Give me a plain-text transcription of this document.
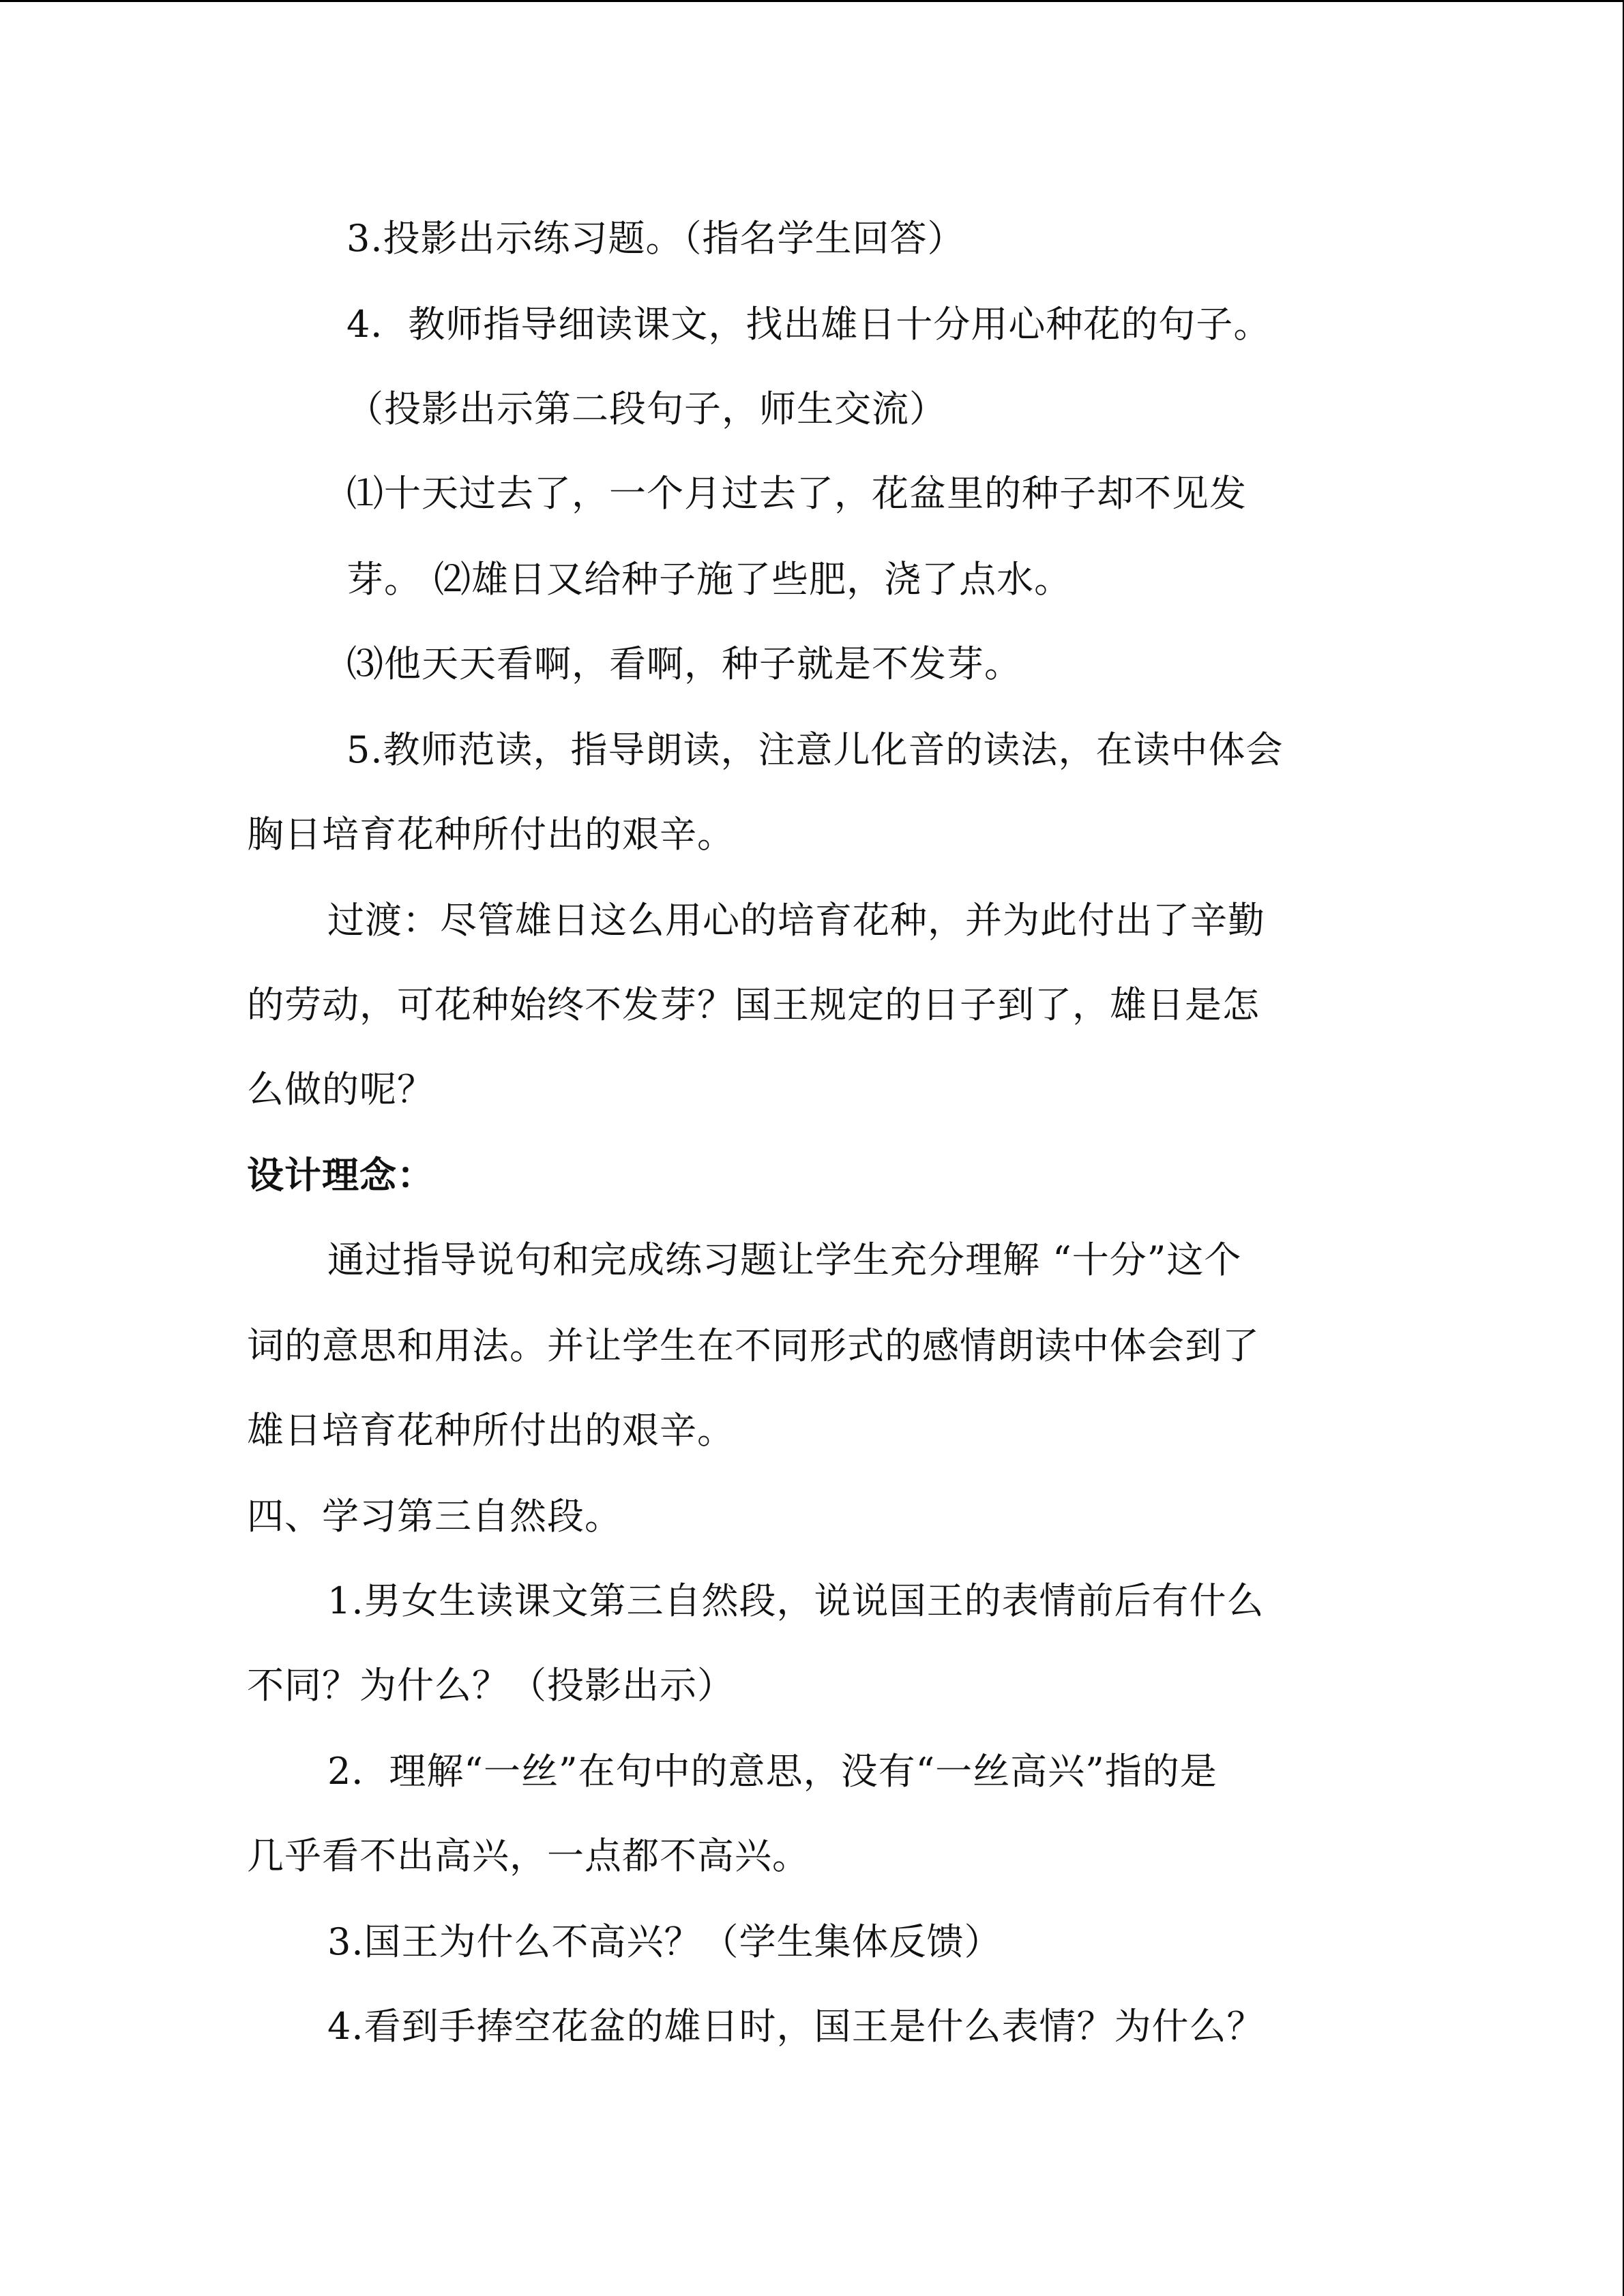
3.投影出示练习题。（指名学生回答）
4．教师指导细读课文，找出雄日十分用心种花的句子。
（投影出示第二段句子，师生交流）
⑴十天过去了，一个月过去了，花盆里的种子却不见发
芽。 ⑵雄日又给种子施了些肥，浇了点水。
⑶他天天看啊，看啊，种子就是不发芽。
5.教师范读，指导朗读，注意儿化音的读法，在读中体会
胸日培育花种所付出的艰辛。
过渡：尽管雄日这么用心的培育花种，并为此付出了辛勤
的劳动，可花种始终不发芽？国王规定的日子到了，雄日是怎
么做的呢？
设计理念：
通过指导说句和完成练习题让学生充分理解 “十分”这个
词的意思和用法。并让学生在不同形式的感情朗读中体会到了
雄日培育花种所付出的艰辛。
四、学习第三自然段。
1.男女生读课文第三自然段，说说国王的表情前后有什么
不同？为什么？（投影出示）
2．理解“一丝”在句中的意思，没有“一丝高兴”指的是
几乎看不出高兴，一点都不高兴。
3.国王为什么不高兴？（学生集体反馈）
4.看到手捧空花盆的雄日时，国王是什么表情？为什么？
